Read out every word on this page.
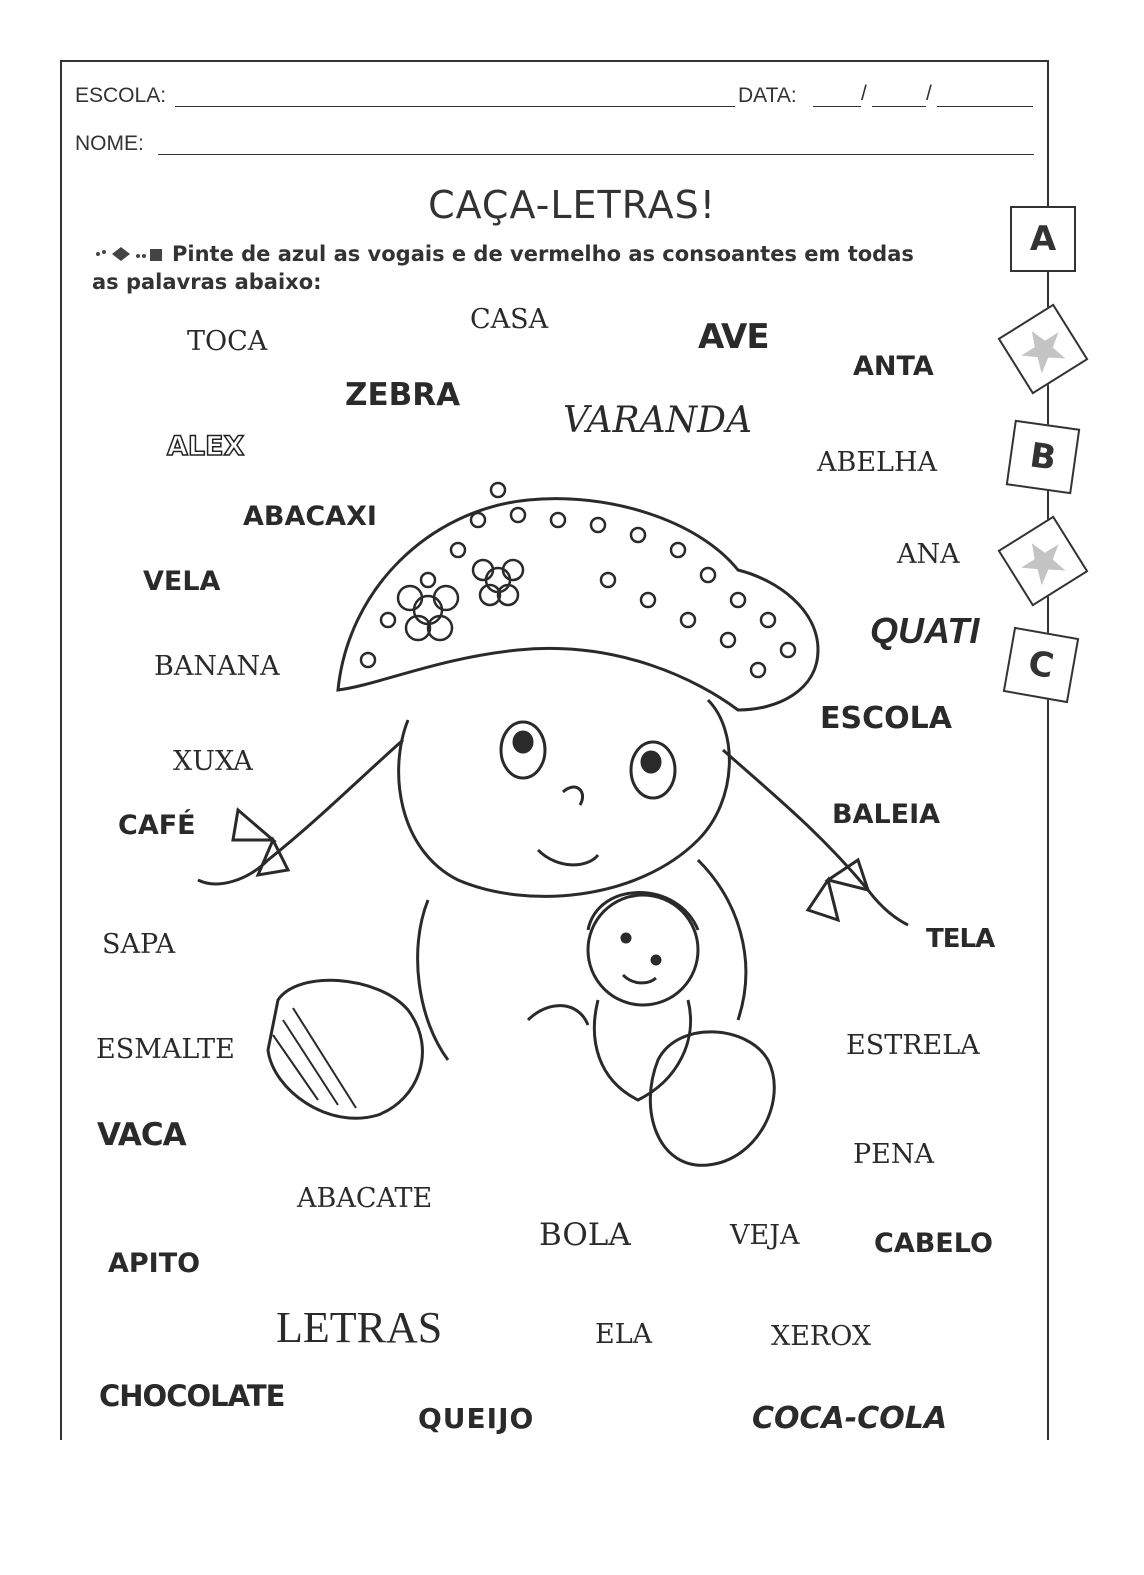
ESCOLA:	DATA:	/	/
NOME:
CAÇA-LETRAS!
Pinte de azul as vogais e de vermelho as consoantes em todas as palavras abaixo:
A
B
C
TOCA
CASA	AVE
ANTA
ZEBRA
VARANDA
ALEX
ABELHA
ABACAXI
ANA
VELA
QUATI
BANANA
ESCOLA
XUXA
CAFÉ	BALEIA
SAPA	TELA
ESMALTE	ESTRELA
VACA
PENA
ABACATE
BOLA	VEJA	CABELO
APITO
LETRAS	ELA	XEROX
CHOCOLATE
QUEIJO	COCA-COLA
